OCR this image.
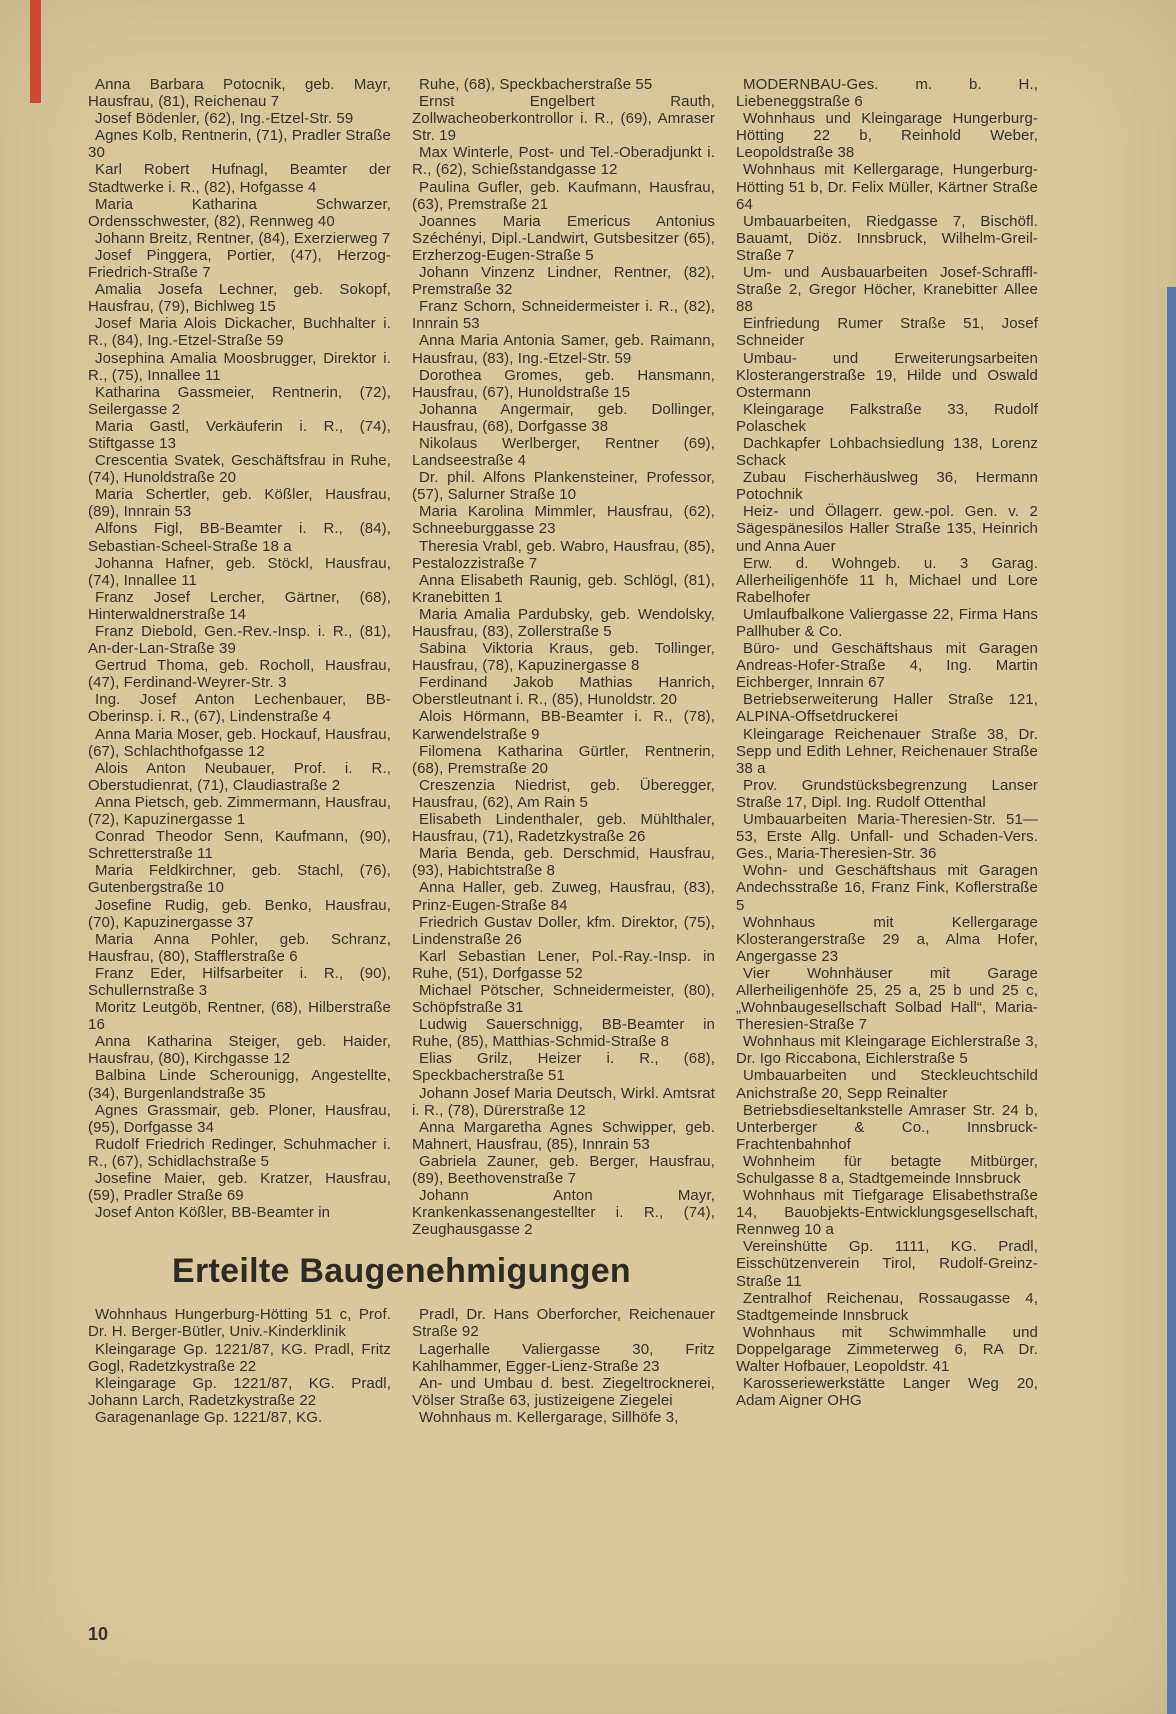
Anna Barbara Potocnik, geb. Mayr, Hausfrau, (81), Reichenau 7

Josef Bödenler, (62), Ing.-Etzel-Str. 59

Agnes Kolb, Rentnerin, (71), Pradler Straße 30

Karl Robert Hufnagl, Beamter der Stadtwerke i. R., (82), Hofgasse 4

Maria Katharina Schwarzer, Ordensschwester, (82), Rennweg 40

Johann Breitz, Rentner, (84), Exerzierweg 7

Josef Pinggera, Portier, (47), Herzog-Friedrich-Straße 7

Amalia Josefa Lechner, geb. Sokopf, Hausfrau, (79), Bichlweg 15

Josef Maria Alois Dickacher, Buchhalter i. R., (84), Ing.-Etzel-Straße 59

Josephina Amalia Moosbrugger, Direktor i. R., (75), Innallee 11

Katharina Gassmeier, Rentnerin, (72), Seilergasse 2

Maria Gastl, Verkäuferin i. R., (74), Stiftgasse 13

Crescentia Svatek, Geschäftsfrau in Ruhe, (74), Hunoldstraße 20

Maria Schertler, geb. Kößler, Hausfrau, (89), Innrain 53

Alfons Figl, BB-Beamter i. R., (84), Sebastian-Scheel-Straße 18 a

Johanna Hafner, geb. Stöckl, Hausfrau, (74), Innallee 11

Franz Josef Lercher, Gärtner, (68), Hinterwaldnerstraße 14

Franz Diebold, Gen.-Rev.-Insp. i. R., (81), An-der-Lan-Straße 39

Gertrud Thoma, geb. Rocholl, Hausfrau, (47), Ferdinand-Weyrer-Str. 3

Ing. Josef Anton Lechenbauer, BB-Oberinsp. i. R., (67), Lindenstraße 4

Anna Maria Moser, geb. Hockauf, Hausfrau, (67), Schlachthofgasse 12

Alois Anton Neubauer, Prof. i. R., Oberstudienrat, (71), Claudiastraße 2

Anna Pietsch, geb. Zimmermann, Hausfrau, (72), Kapuzinergasse 1

Conrad Theodor Senn, Kaufmann, (90), Schretterstraße 11

Maria Feldkirchner, geb. Stachl, (76), Gutenbergstraße 10

Josefine Rudig, geb. Benko, Hausfrau, (70), Kapuzinergasse 37

Maria Anna Pohler, geb. Schranz, Hausfrau, (80), Stafflerstraße 6

Franz Eder, Hilfsarbeiter i. R., (90), Schullernstraße 3

Moritz Leutgöb, Rentner, (68), Hilberstraße 16

Anna Katharina Steiger, geb. Haider, Hausfrau, (80), Kirchgasse 12

Balbina Linde Scherounigg, Angestellte, (34), Burgenlandstraße 35

Agnes Grassmair, geb. Ploner, Hausfrau, (95), Dorfgasse 34

Rudolf Friedrich Redinger, Schuhmacher i. R., (67), Schidlachstraße 5

Josefine Maier, geb. Kratzer, Hausfrau, (59), Pradler Straße 69

Josef Anton Kößler, BB-Beamter in

Ruhe, (68), Speckbacherstraße 55

Ernst Engelbert Rauth, Zollwacheoberkontrollor i. R., (69), Amraser Str. 19

Max Winterle, Post- und Tel.-Oberadjunkt i. R., (62), Schießstandgasse 12

Paulina Gufler, geb. Kaufmann, Hausfrau, (63), Premstraße 21

Joannes Maria Emericus Antonius Széchényi, Dipl.-Landwirt, Gutsbesitzer (65), Erzherzog-Eugen-Straße 5

Johann Vinzenz Lindner, Rentner, (82), Premstraße 32

Franz Schorn, Schneidermeister i. R., (82), Innrain 53

Anna Maria Antonia Samer, geb. Raimann, Hausfrau, (83), Ing.-Etzel-Str. 59

Dorothea Gromes, geb. Hansmann, Hausfrau, (67), Hunoldstraße 15

Johanna Angermair, geb. Dollinger, Hausfrau, (68), Dorfgasse 38

Nikolaus Werlberger, Rentner (69), Landseestraße 4

Dr. phil. Alfons Plankensteiner, Professor, (57), Salurner Straße 10

Maria Karolina Mimmler, Hausfrau, (62), Schneeburggasse 23

Theresia Vrabl, geb. Wabro, Hausfrau, (85), Pestalozzistraße 7

Anna Elisabeth Raunig, geb. Schlögl, (81), Kranebitten 1

Maria Amalia Pardubsky, geb. Wendolsky, Hausfrau, (83), Zollerstraße 5

Sabina Viktoria Kraus, geb. Tollinger, Hausfrau, (78), Kapuzinergasse 8

Ferdinand Jakob Mathias Hanrich, Oberstleutnant i. R., (85), Hunoldstr. 20

Alois Hörmann, BB-Beamter i. R., (78), Karwendelstraße 9

Filomena Katharina Gürtler, Rentnerin, (68), Premstraße 20

Creszenzia Niedrist, geb. Überegger, Hausfrau, (62), Am Rain 5

Elisabeth Lindenthaler, geb. Mühlthaler, Hausfrau, (71), Radetzkystraße 26

Maria Benda, geb. Derschmid, Hausfrau, (93), Habichtstraße 8

Anna Haller, geb. Zuweg, Hausfrau, (83), Prinz-Eugen-Straße 84

Friedrich Gustav Doller, kfm. Direktor, (75), Lindenstraße 26

Karl Sebastian Lener, Pol.-Ray.-Insp. in Ruhe, (51), Dorfgasse 52

Michael Pötscher, Schneidermeister, (80), Schöpfstraße 31

Ludwig Sauerschnigg, BB-Beamter in Ruhe, (85), Matthias-Schmid-Straße 8

Elias Grilz, Heizer i. R., (68), Speckbacherstraße 51

Johann Josef Maria Deutsch, Wirkl. Amtsrat i. R., (78), Dürerstraße 12

Anna Margaretha Agnes Schwipper, geb. Mahnert, Hausfrau, (85), Innrain 53

Gabriela Zauner, geb. Berger, Hausfrau, (89), Beethovenstraße 7

Johann Anton Mayr, Krankenkassenangestellter i. R., (74), Zeughausgasse 2

Erteilte Baugenehmigungen

Wohnhaus Hungerburg-Hötting 51 c, Prof. Dr. H. Berger-Bütler, Univ.-Kinderklinik

Kleingarage Gp. 1221/87, KG. Pradl, Fritz Gogl, Radetzkystraße 22

Kleingarage Gp. 1221/87, KG. Pradl, Johann Larch, Radetzkystraße 22

Garagenanlage Gp. 1221/87, KG.

Pradl, Dr. Hans Oberforcher, Reichenauer Straße 92

Lagerhalle Valiergasse 30, Fritz Kahlhammer, Egger-Lienz-Straße 23

An- und Umbau d. best. Ziegeltrocknerei, Völser Straße 63, justizeigene Ziegelei

Wohnhaus m. Kellergarage, Sillhöfe 3,

MODERNBAU-Ges. m. b. H., Liebeneggstraße 6

Wohnhaus und Kleingarage Hungerburg-Hötting 22 b, Reinhold Weber, Leopoldstraße 38

Wohnhaus mit Kellergarage, Hungerburg-Hötting 51 b, Dr. Felix Müller, Kärtner Straße 64

Umbauarbeiten, Riedgasse 7, Bischöfl. Bauamt, Diöz. Innsbruck, Wilhelm-Greil-Straße 7

Um- und Ausbauarbeiten Josef-Schraffl-Straße 2, Gregor Höcher, Kranebitter Allee 88

Einfriedung Rumer Straße 51, Josef Schneider

Umbau- und Erweiterungsarbeiten Klosterangerstraße 19, Hilde und Oswald Ostermann

Kleingarage Falkstraße 33, Rudolf Polaschek

Dachkapfer Lohbachsiedlung 138, Lorenz Schack

Zubau Fischerhäuslweg 36, Hermann Potochnik

Heiz- und Öllagerr. gew.-pol. Gen. v. 2 Sägespänesilos Haller Straße 135, Heinrich und Anna Auer

Erw. d. Wohngeb. u. 3 Garag. Allerheiligenhöfe 11 h, Michael und Lore Rabelhofer

Umlaufbalkone Valiergasse 22, Firma Hans Pallhuber & Co.

Büro- und Geschäftshaus mit Garagen Andreas-Hofer-Straße 4, Ing. Martin Eichberger, Innrain 67

Betriebserweiterung Haller Straße 121, ALPINA-Offsetdruckerei

Kleingarage Reichenauer Straße 38, Dr. Sepp und Edith Lehner, Reichenauer Straße 38 a

Prov. Grundstücksbegrenzung Lanser Straße 17, Dipl. Ing. Rudolf Ottenthal

Umbauarbeiten Maria-Theresien-Str. 51—53, Erste Allg. Unfall- und Schaden-Vers. Ges., Maria-Theresien-Str. 36

Wohn- und Geschäftshaus mit Garagen Andechsstraße 16, Franz Fink, Koflerstraße 5

Wohnhaus mit Kellergarage Klosterangerstraße 29 a, Alma Hofer, Angergasse 23

Vier Wohnhäuser mit Garage Allerheiligenhöfe 25, 25 a, 25 b und 25 c, „Wohnbaugesellschaft Solbad Hall“, Maria-Theresien-Straße 7

Wohnhaus mit Kleingarage Eichlerstraße 3, Dr. Igo Riccabona, Eichlerstraße 5

Umbauarbeiten und Steckleuchtschild Anichstraße 20, Sepp Reinalter

Betriebsdieseltankstelle Amraser Str. 24 b, Unterberger & Co., Innsbruck-Frachtenbahnhof

Wohnheim für betagte Mitbürger, Schulgasse 8 a, Stadtgemeinde Innsbruck

Wohnhaus mit Tiefgarage Elisabethstraße 14, Bauobjekts-Entwicklungsgesellschaft, Rennweg 10 a

Vereinshütte Gp. 1111, KG. Pradl, Eisschützenverein Tirol, Rudolf-Greinz-Straße 11

Zentralhof Reichenau, Rossaugasse 4, Stadtgemeinde Innsbruck

Wohnhaus mit Schwimmhalle und Doppelgarage Zimmeterweg 6, RA Dr. Walter Hofbauer, Leopoldstr. 41

Karosseriewerkstätte Langer Weg 20, Adam Aigner OHG

10
